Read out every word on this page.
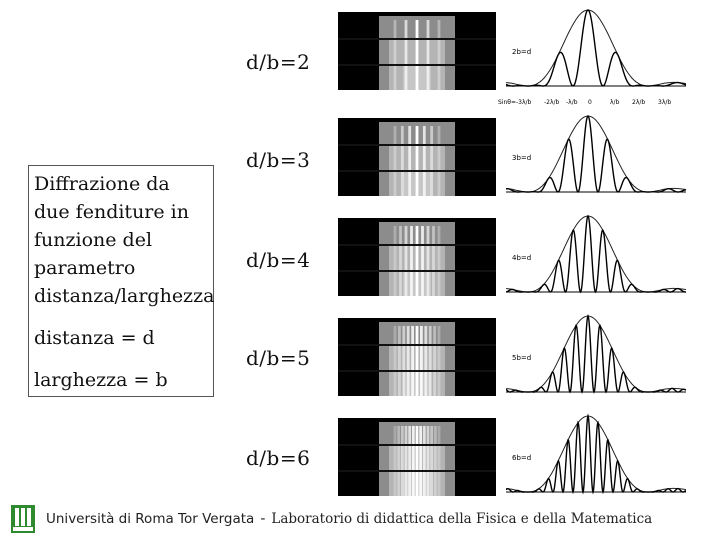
Diffrazione da due fenditure in funzione del parametro distanza/larghezza

distanza = d

larghezza = b

d/b=2
d/b=3
d/b=4
d/b=5
d/b=6
2b=d
3b=d
4b=d
5b=d
6b=d
Sinθ=-3λ/b -2λ/b -λ/b 0	λ/b 2λ/b 3λ/b
Università di Roma Tor Vergata - Laboratorio di didattica della Fisica e della Matematica
